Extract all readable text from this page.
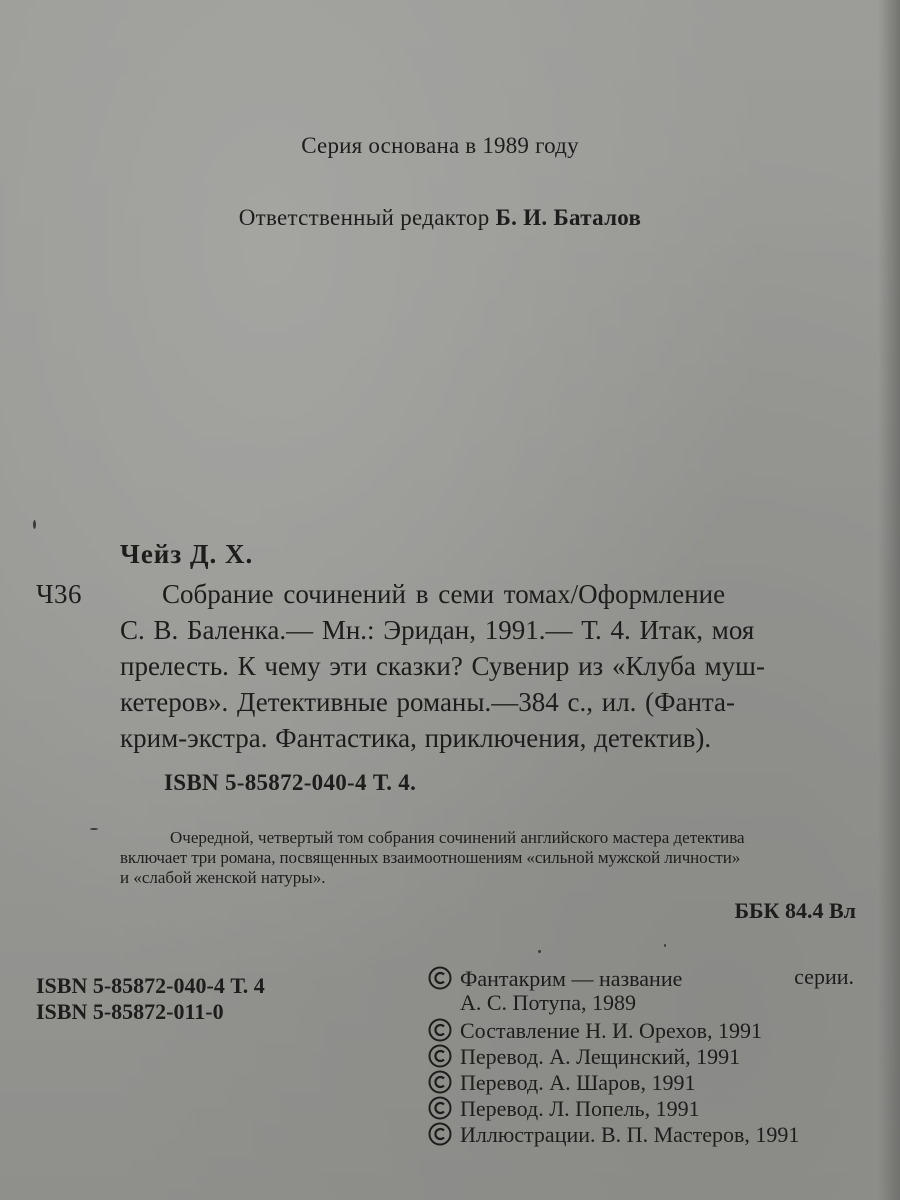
Серия основана в 1989 году
Ответственный редактор Б. И. Баталов
Чейз Д. Х.
Ч36	Собрание сочинений в семи томах/Оформление
С. В. Баленка.— Мн.: Эридан, 1991.— Т. 4. Итак, моя
прелесть. К чему эти сказки? Сувенир из «Клуба муш-
кетеров». Детективные романы.—384 с., ил. (Фанта-
крим-экстра. Фантастика, приключения, детектив).
ISBN 5-85872-040-4 Т. 4.
Очередной, четвертый том собрания сочинений английского мастера детектива
включает три романа, посвященных взаимоотношениям «сильной мужской личности»
и «слабой женской натуры».
ББК 84.4 Вл
ISBN 5-85872-040-4 Т. 4
ISBN 5-85872-011-0
Фантакрим — название	серии.
А. С. Потупа, 1989
Составление Н. И. Орехов, 1991
Перевод. А. Лещинский, 1991
Перевод. А. Шаров, 1991
Перевод. Л. Попель, 1991
Иллюстрации. В. П. Мастеров, 1991
